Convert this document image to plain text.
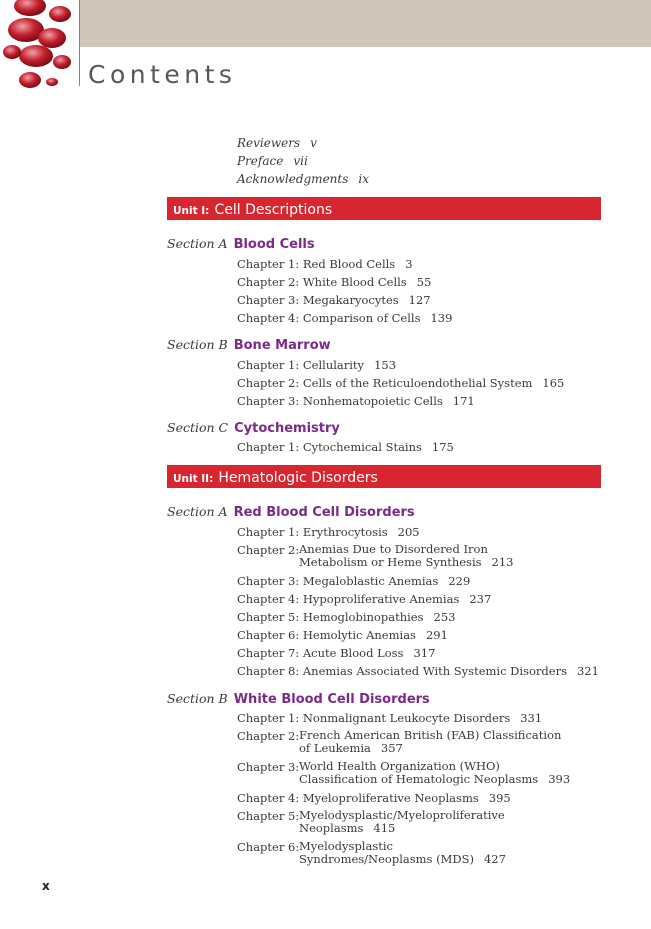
Contents
Reviewers v
Preface vii
Acknowledgments ix
Unit I: Cell Descriptions
Section A Blood Cells
Chapter 1: Red Blood Cells 3
Chapter 2: White Blood Cells 55
Chapter 3: Megakaryocytes 127
Chapter 4: Comparison of Cells 139
Section B Bone Marrow
Chapter 1: Cellularity 153
Chapter 2: Cells of the Reticuloendothelial System 165
Chapter 3: Nonhematopoietic Cells 171
Section C Cytochemistry
Chapter 1: Cytochemical Stains 175
Unit II: Hematologic Disorders
Section A Red Blood Cell Disorders
Chapter 1: Erythrocytosis 205
Chapter 2: Anemias Due to Disordered Iron Metabolism or Heme Synthesis 213
Chapter 3: Megaloblastic Anemias 229
Chapter 4: Hypoproliferative Anemias 237
Chapter 5: Hemoglobinopathies 253
Chapter 6: Hemolytic Anemias 291
Chapter 7: Acute Blood Loss 317
Chapter 8: Anemias Associated With Systemic Disorders 321
Section B White Blood Cell Disorders
Chapter 1: Nonmalignant Leukocyte Disorders 331
Chapter 2: French American British (FAB) Classification of Leukemia 357
Chapter 3: World Health Organization (WHO) Classification of Hematologic Neoplasms 393
Chapter 4: Myeloproliferative Neoplasms 395
Chapter 5: Myelodysplastic/Myeloproliferative Neoplasms 415
Chapter 6: Myelodysplastic Syndromes/Neoplasms (MDS) 427
x
